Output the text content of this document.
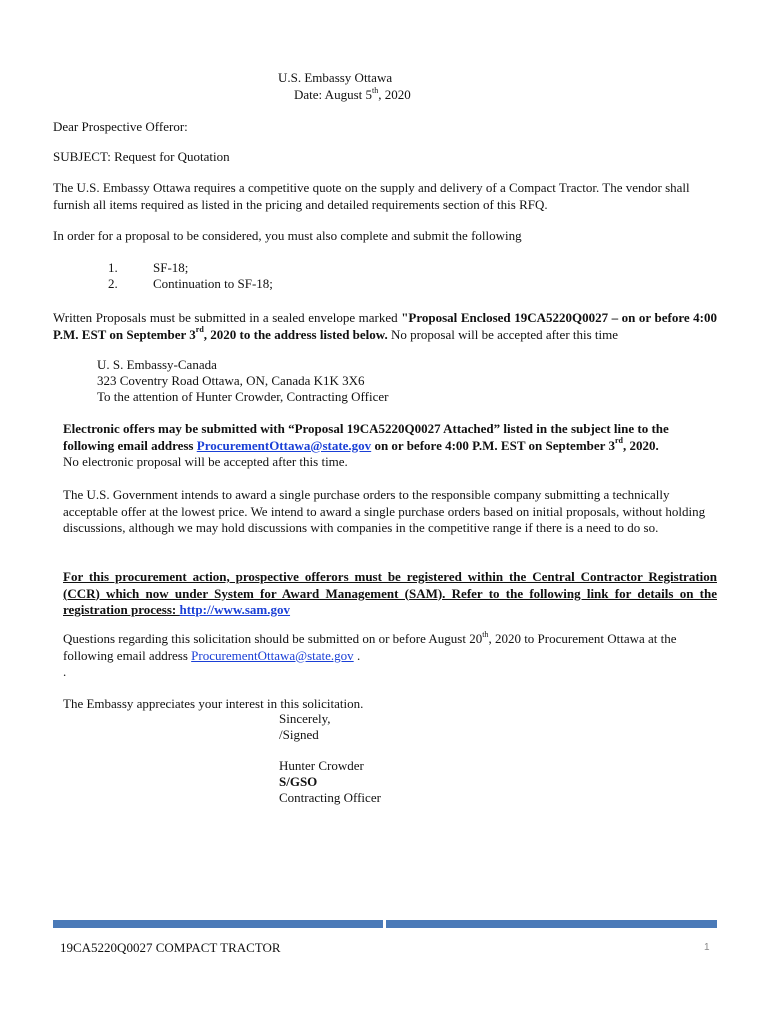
U.S. Embassy Ottawa
Date: August 5th, 2020
Dear Prospective Offeror:
SUBJECT: Request for Quotation
The U.S. Embassy Ottawa requires a competitive quote on the supply and delivery of a Compact Tractor. The vendor shall furnish all items required as listed in the pricing and detailed requirements section of this RFQ.
In order for a proposal to be considered, you must also complete and submit the following
1.	SF-18;
2.	Continuation to SF-18;
Written Proposals must be submitted in a sealed envelope marked "Proposal Enclosed 19CA5220Q0027 – on or before 4:00 P.M. EST on September 3rd, 2020 to the address listed below. No proposal will be accepted after this time
U. S. Embassy-Canada
323 Coventry Road Ottawa, ON, Canada K1K 3X6
To the attention of Hunter Crowder, Contracting Officer
Electronic offers may be submitted with “Proposal 19CA5220Q0027 Attached” listed in the subject line to the following email address ProcurementOttawa@state.gov on or before 4:00 P.M. EST on September 3rd, 2020.
No electronic proposal will be accepted after this time.
The U.S. Government intends to award a single purchase orders to the responsible company submitting a technically acceptable offer at the lowest price. We intend to award a single purchase orders based on initial proposals, without holding discussions, although we may hold discussions with companies in the competitive range if there is a need to do so.
For this procurement action, prospective offerors must be registered within the Central Contractor Registration (CCR) which now under System for Award Management (SAM). Refer to the following link for details on the registration process: http://www.sam.gov
Questions regarding this solicitation should be submitted on or before August 20th, 2020 to Procurement Ottawa at the following email address ProcurementOttawa@state.gov .
.
The Embassy appreciates your interest in this solicitation.
Sincerely,
/Signed
Hunter Crowder
S/GSO
Contracting Officer
19CA5220Q0027 COMPACT TRACTOR	1
